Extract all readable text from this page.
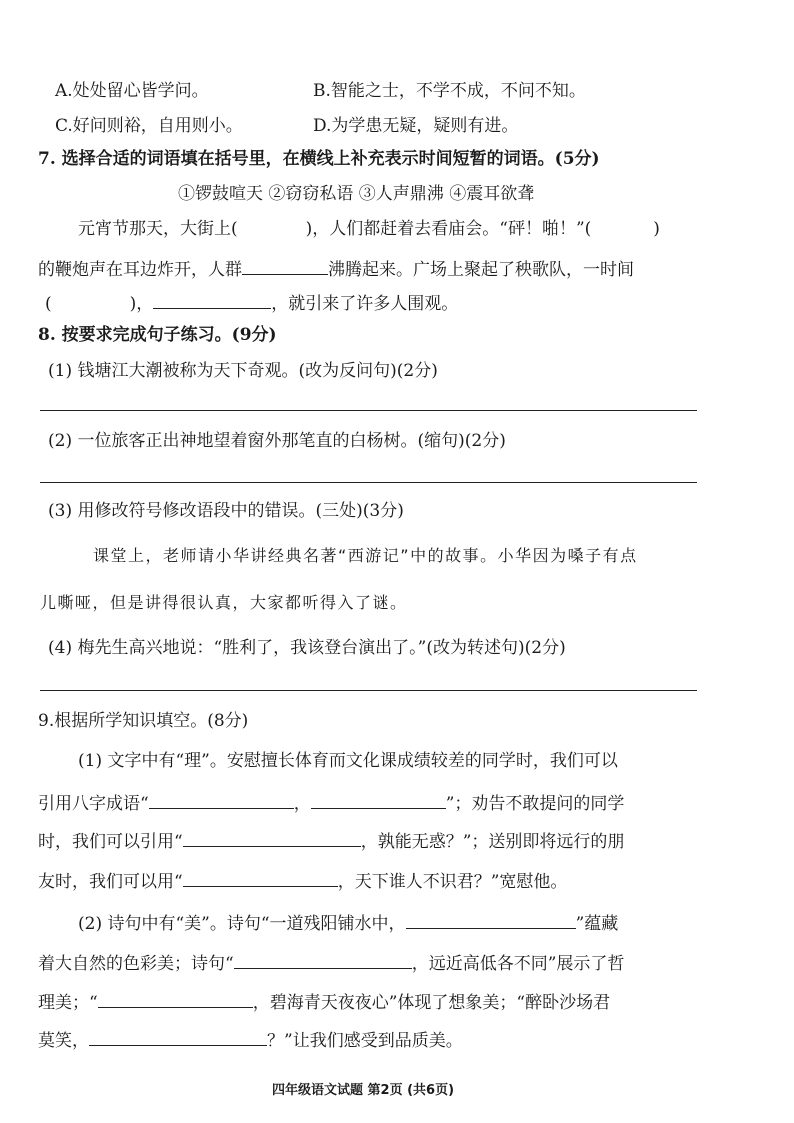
A.处处留心皆学问。	B.智能之士，不学不成，不问不知。
C.好问则裕，自用则小。	D.为学患无疑，疑则有进。
7. 选择合适的词语填在括号里，在横线上补充表示时间短暂的词语。(5分)
①锣鼓喧天 ②窃窃私语 ③人声鼎沸 ④震耳欲聋
元宵节那天，大街上(	)，人们都赶着去看庙会。“砰！啪！”(	)
的鞭炮声在耳边炸开，人群	沸腾起来。广场上聚起了秧歌队，一时间
(	)，	，就引来了许多人围观。
8. 按要求完成句子练习。(9分)
(1) 钱塘江大潮被称为天下奇观。(改为反问句)(2分)
(2) 一位旅客正出神地望着窗外那笔直的白杨树。(缩句)(2分)
(3) 用修改符号修改语段中的错误。(三处)(3分)
课堂上，老师请小华讲经典名著“西游记”中的故事。小华因为嗓子有点
儿嘶哑，但是讲得很认真，大家都听得入了谜。
(4) 梅先生高兴地说：“胜利了，我该登台演出了。”(改为转述句)(2分)
9.根据所学知识填空。(8分)
(1) 文字中有“理”。安慰擅长体育而文化课成绩较差的同学时，我们可以
引用八字成语“	，	”；劝告不敢提问的同学
时，我们可以引用“	，孰能无惑？”；送别即将远行的朋
友时，我们可以用“	，天下谁人不识君？”宽慰他。
(2) 诗句中有“美”。诗句“一道残阳铺水中，	”蕴藏
着大自然的色彩美；诗句“	，远近高低各不同”展示了哲
理美；“	，碧海青天夜夜心”体现了想象美；“醉卧沙场君
莫笑，	？”让我们感受到品质美。
四年级语文试题 第2页 (共6页)
